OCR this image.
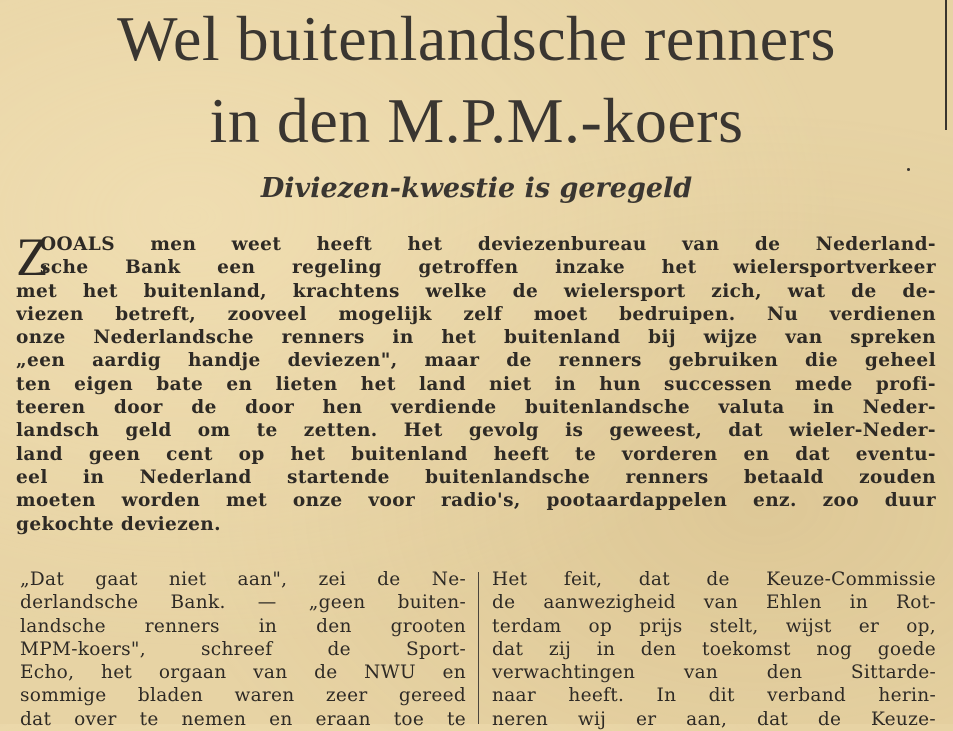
Wel buitenlandsche renners
in den M.P.M.-koers
Diviezen-kwestie is geregeld
Z
OOALS men weet heeft het deviezenbureau van de Nederland-
sche Bank een regeling getroffen inzake het wielersportverkeer
met het buitenland, krachtens welke de wielersport zich, wat de de-
viezen betreft, zooveel mogelijk zelf moet bedruipen. Nu verdienen
onze Nederlandsche renners in het buitenland bij wijze van spreken
„een aardig handje deviezen", maar de renners gebruiken die geheel
ten eigen bate en lieten het land niet in hun successen mede profi-
teeren door de door hen verdiende buitenlandsche valuta in Neder-
landsch geld om te zetten. Het gevolg is geweest, dat wieler-Neder-
land geen cent op het buitenland heeft te vorderen en dat eventu-
eel in Nederland startende buitenlandsche renners betaald zouden
moeten worden met onze voor radio's, pootaardappelen enz. zoo duur
gekochte deviezen.
„Dat gaat niet aan", zei de Ne-
derlandsche Bank. — „geen buiten-
landsche renners in den grooten
MPM-koers", schreef de Sport-
Echo, het orgaan van de NWU en
sommige bladen waren zeer gereed
dat over te nemen en eraan toe te
Het feit, dat de Keuze-Commissie
de aanwezigheid van Ehlen in Rot-
terdam op prijs stelt, wijst er op,
dat zij in den toekomst nog goede
verwachtingen van den Sittarde-
naar heeft. In dit verband herin-
neren wij er aan, dat de Keuze-
